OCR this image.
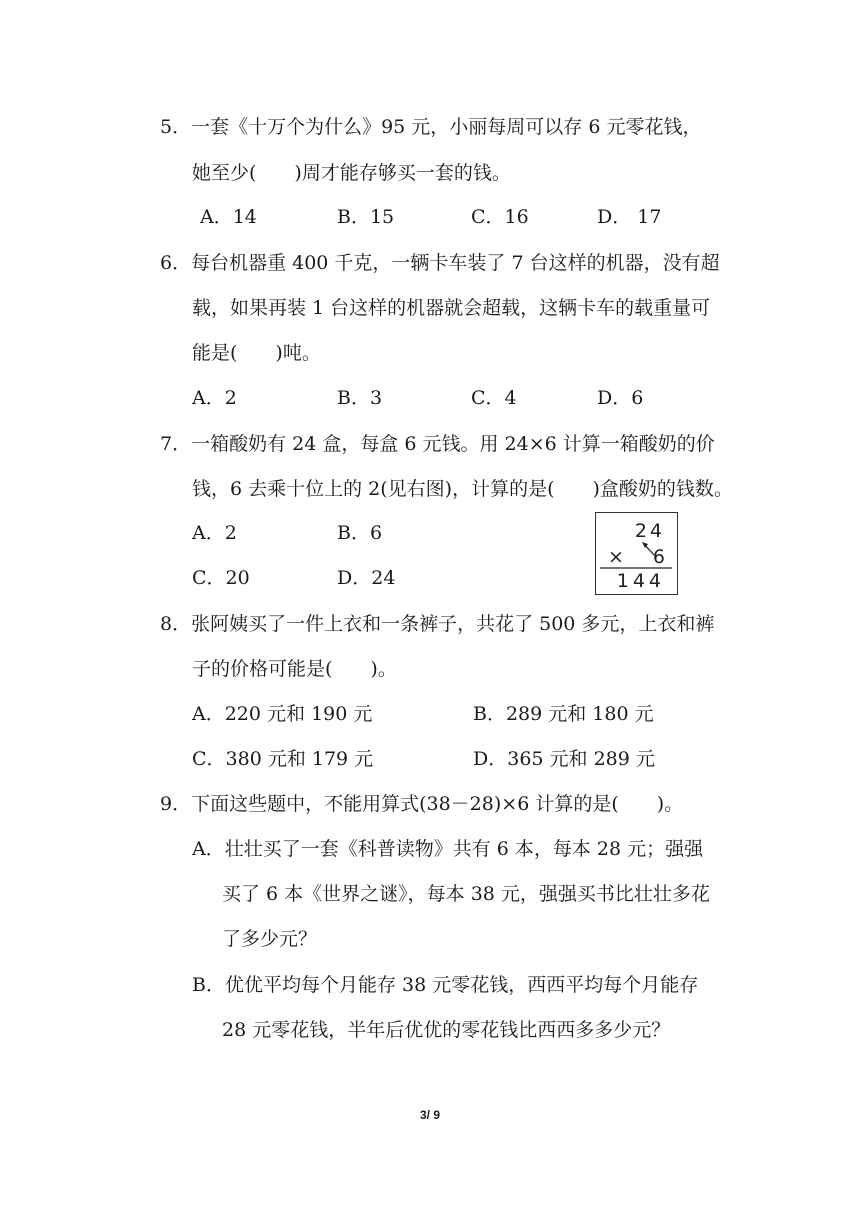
5．一套《十万个为什么》95 元，小丽每周可以存 6 元零花钱，
她至少(　　)周才能存够买一套的钱。
A．14	B．15	C．16	D． 17
6．每台机器重 400 千克，一辆卡车装了 7 台这样的机器，没有超
载，如果再装 1 台这样的机器就会超载，这辆卡车的载重量可
能是(　　)吨。
A．2	B．3	C．4	D．6
7．一箱酸奶有 24 盒，每盒 6 元钱。用 24×6 计算一箱酸奶的价
钱，6 去乘十位上的 2(见右图)，计算的是(　　)盒酸奶的钱数。
A．2	B．6
C．20	D．24
24
× 6
144
8．张阿姨买了一件上衣和一条裤子，共花了 500 多元，上衣和裤
子的价格可能是(　　)。
A．220 元和 190 元	B．289 元和 180 元
C．380 元和 179 元	D．365 元和 289 元
9．下面这些题中，不能用算式(38－28)×6 计算的是(　　)。
A．壮壮买了一套《科普读物》共有 6 本，每本 28 元；强强
买了 6 本《世界之谜》，每本 38 元，强强买书比壮壮多花
了多少元？
B．优优平均每个月能存 38 元零花钱，西西平均每个月能存
28 元零花钱，半年后优优的零花钱比西西多多少元？
3/ 9
